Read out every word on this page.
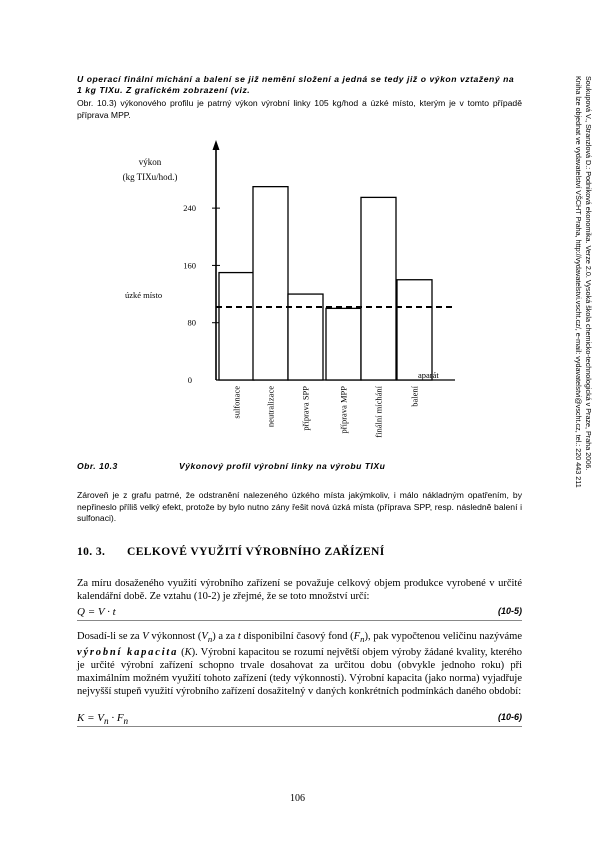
U operací finální míchání a balení se již nemění složení a jedná se tedy již o výkon vztažený na 1 kg TIXu. Z grafickém zobrazení (viz.
Obr. 10.3) výkonového profilu je patrný výkon výrobní linky 105 kg/hod a úzké místo, kterým je v tomto případě příprava MPP.	Soukupová V., Stranzlová D.: Podniková ekonomika. Verze 2.0. Vysoká škola chemicko-technologická v Praze, Praha 2006.
Kniha lze objednat ve vydavatelství VŠCHT Praha, http://vydavatelstvi.vscht.cz/, e-mail: vydavatelstvi@vscht.cz, tel.: 220 443 211
výkon
(kg TIXu/hod.)
0
80
160
240
úzké místo
aparát
sulfonace	neutralizace	příprava SPP	příprava MPP	finální míchání	balení
Obr. 10.3	Výkonový profil výrobní linky na výrobu TIXu
Zároveň je z grafu patrné, že odstranění nalezeného úzkého místa jakýmkoliv, i málo nákladným opatřením, by nepřineslo příliš velký efekt, protože by bylo nutno zány řešit nová úzká místa (příprava SPP, resp. následně balení i sulfonaci).
10. 3. CELKOVÉ VYUŽITÍ VÝROBNÍHO ZAŘÍZENÍ
Za míru dosaženého využití výrobního zařízení se považuje celkový objem produkce vyrobené v určité kalendářní době. Ze vztahu (10-2) je zřejmé, že se toto množství určí:
Q = V · t	(10-5)
Dosadí-li se za V výkonnost $(V_n)$ a za t disponibilní časový fond $(F_n)$, pak vypočtenou veličinu nazýváme výrobní kapacita (K). Výrobní kapacitou se rozumí největší objem výroby žádané kvality, kterého je určité výrobní zařízení schopno trvale dosahovat za určitou dobu (obvykle jednoho roku) při maximálním možném využití tohoto zařízení (tedy výkonnosti). Výrobní kapacita (jako norma) vyjadřuje nejvyšší stupeň využití výrobního zařízení dosažitelný v daných konkrétních podmínkách daného období:
$K = V_n \cdot F_n$	(10-6)
106
